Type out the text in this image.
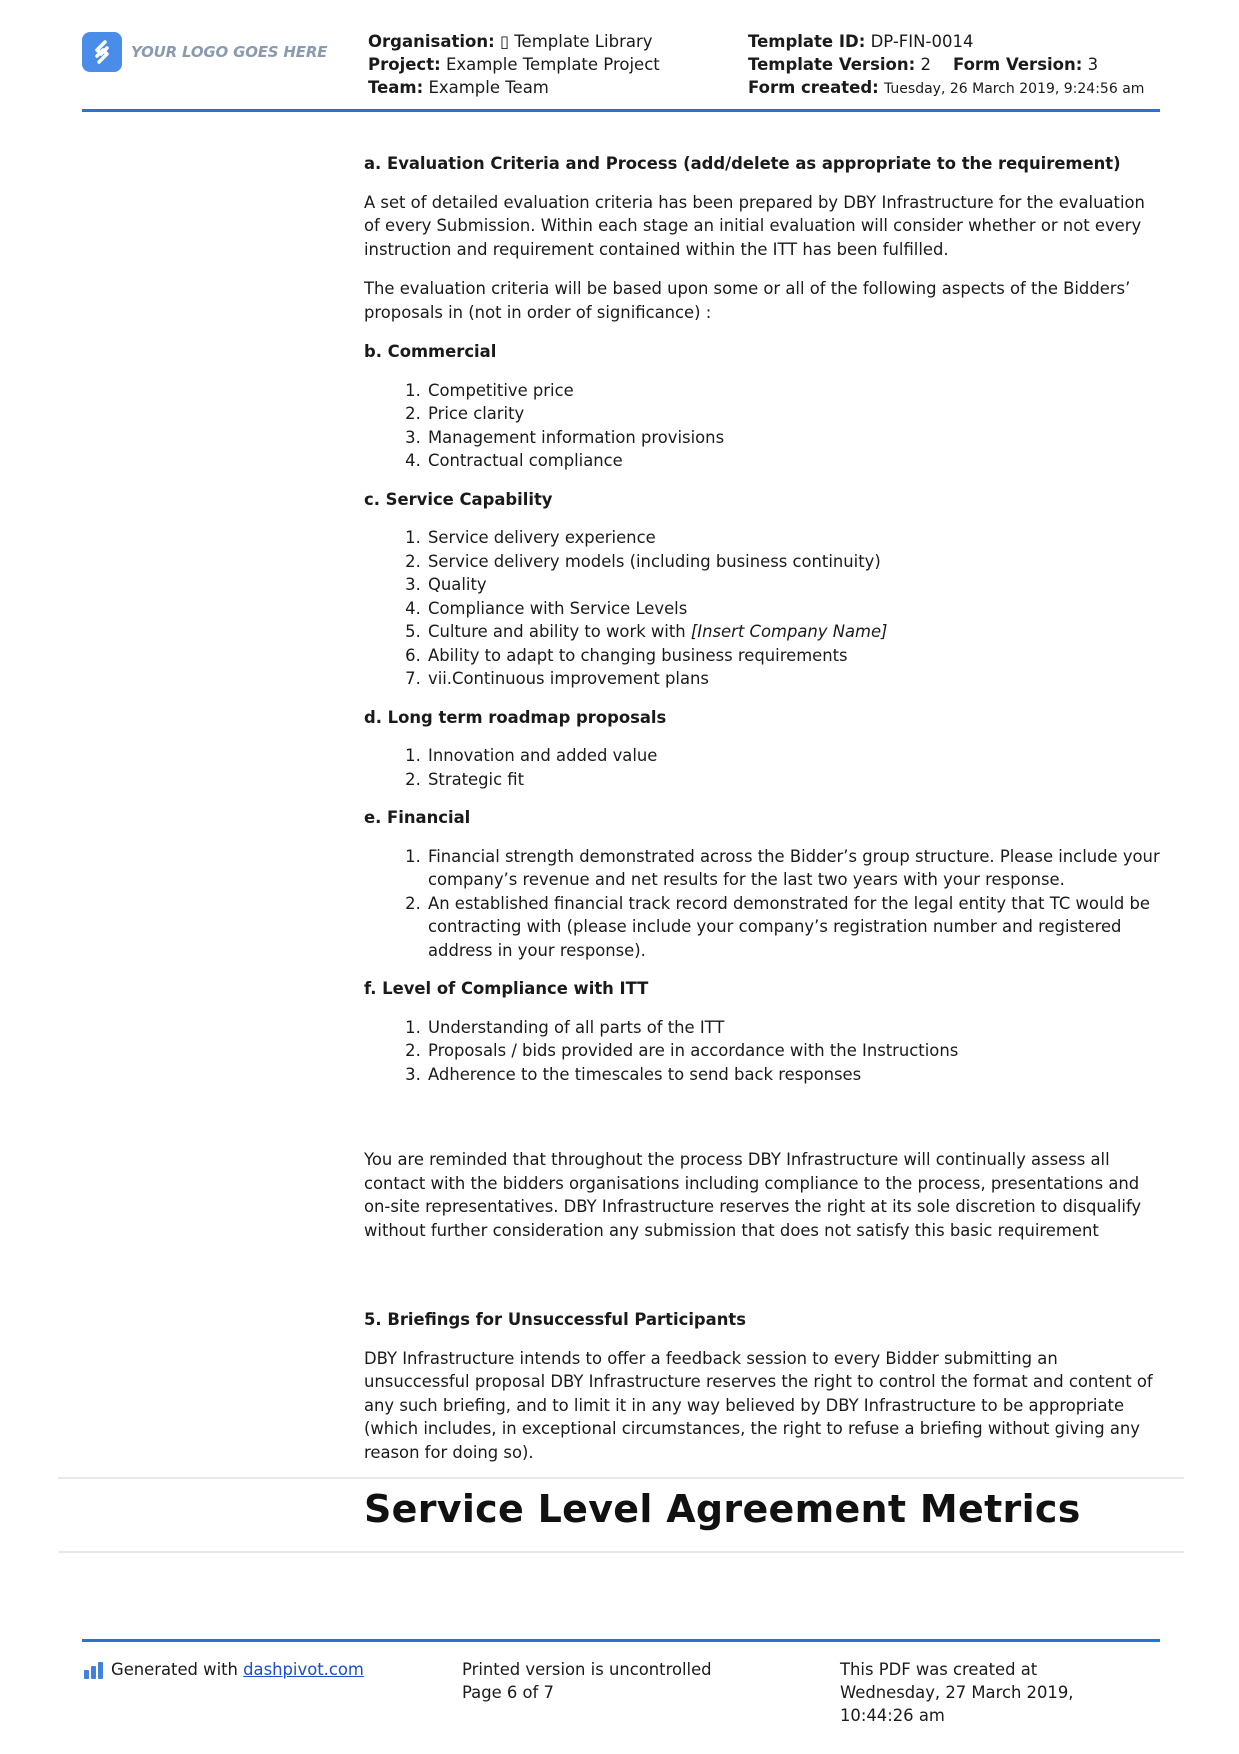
YOUR LOGO GOES HERE
Organisation: ▯ Template Library
Project: Example Template Project
Team: Example Team
Template ID: DP-FIN-0014
Template Version: 2 Form Version: 3
Form created: Tuesday, 26 March 2019, 9:24:56 am
a. Evaluation Criteria and Process (add/delete as appropriate to the requirement)

A set of detailed evaluation criteria has been prepared by DBY Infrastructure for the evaluation of every Submission. Within each stage an initial evaluation will consider whether or not every instruction and requirement contained within the ITT has been fulfilled.

The evaluation criteria will be based upon some or all of the following aspects of the Bidders’ proposals in (not in order of significance) :

b. Commercial
1. Competitive price
2. Price clarity
3. Management information provisions
4. Contractual compliance
c. Service Capability
1. Service delivery experience
2. Service delivery models (including business continuity)
3. Quality
4. Compliance with Service Levels
5. Culture and ability to work with [Insert Company Name]
6. Ability to adapt to changing business requirements
7. vii.Continuous improvement plans
d. Long term roadmap proposals
1. Innovation and added value
2. Strategic fit
e. Financial
1. Financial strength demonstrated across the Bidder’s group structure. Please include your company’s revenue and net results for the last two years with your response.
2. An established financial track record demonstrated for the legal entity that TC would be contracting with (please include your company’s registration number and registered address in your response).
f. Level of Compliance with ITT
1. Understanding of all parts of the ITT
2. Proposals / bids provided are in accordance with the Instructions
3. Adherence to the timescales to send back responses

You are reminded that throughout the process DBY Infrastructure will continually assess all contact with the bidders organisations including compliance to the process, presentations and on-site representatives. DBY Infrastructure reserves the right at its sole discretion to disqualify without further consideration any submission that does not satisfy this basic requirement

5. Briefings for Unsuccessful Participants

DBY Infrastructure intends to offer a feedback session to every Bidder submitting an unsuccessful proposal DBY Infrastructure reserves the right to control the format and content of any such briefing, and to limit it in any way believed by DBY Infrastructure to be appropriate (which includes, in exceptional circumstances, the right to refuse a briefing without giving any reason for doing so).

Service Level Agreement Metrics
Generated with dashpivot.com	Printed version is uncontrolled
Page 6 of 7
This PDF was created at
Wednesday, 27 March 2019,
10:44:26 am
